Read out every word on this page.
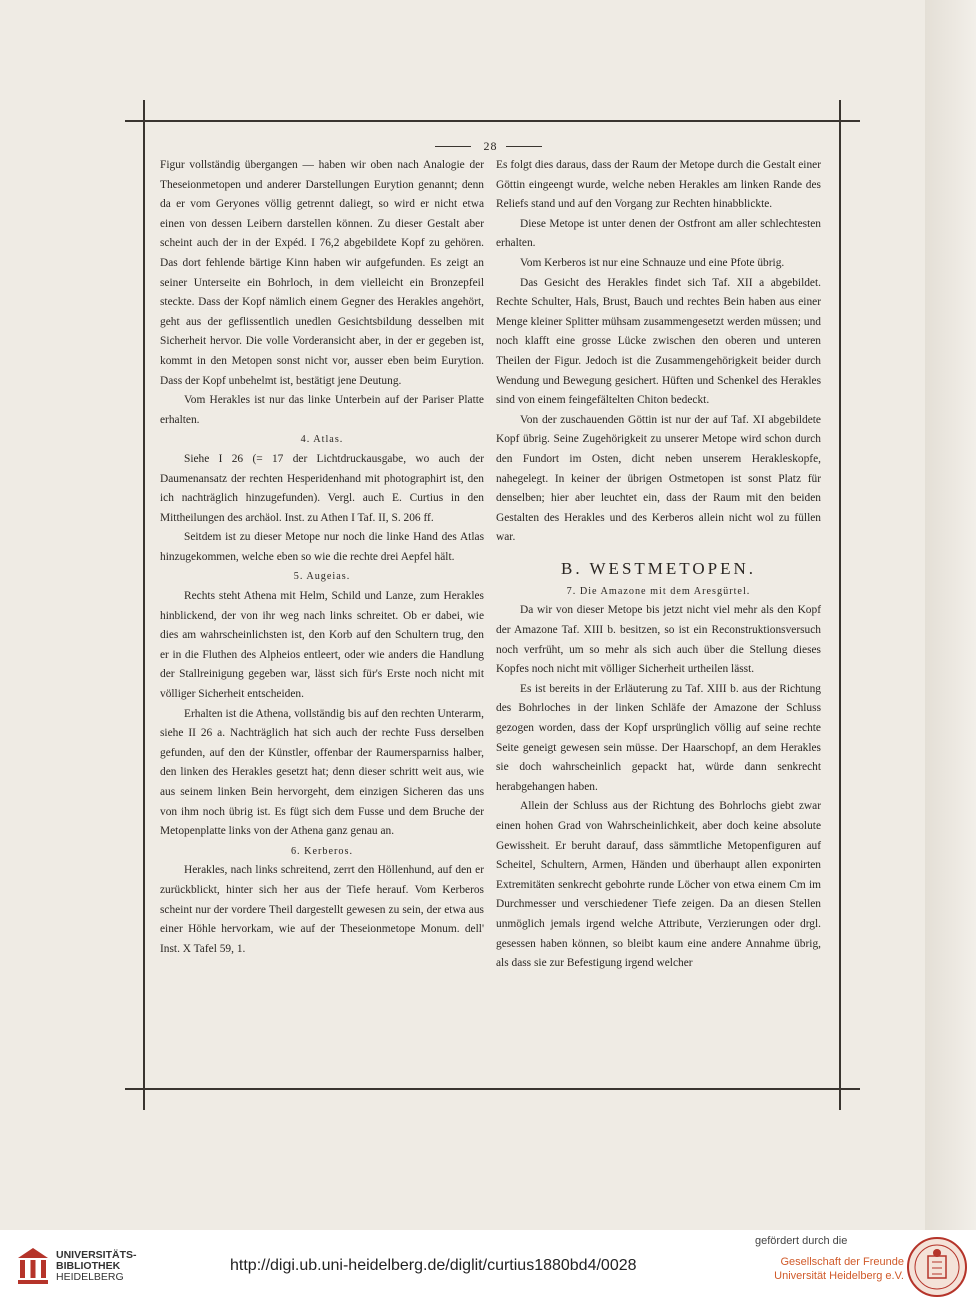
28

Figur vollständig übergangen — haben wir oben nach Analogie der Theseionmetopen und anderer Darstellungen Eurytion genannt; denn da er vom Geryones völlig getrennt daliegt, so wird er nicht etwa einen von dessen Leibern darstellen können. Zu dieser Gestalt aber scheint auch der in der Expéd. I 76,2 abgebildete Kopf zu gehören. Das dort fehlende bärtige Kinn haben wir aufgefunden. Es zeigt an seiner Unterseite ein Bohrloch, in dem vielleicht ein Bronzepfeil steckte. Dass der Kopf nämlich einem Gegner des Herakles angehört, geht aus der geflissentlich unedlen Gesichtsbildung desselben mit Sicherheit hervor. Die volle Vorderansicht aber, in der er gegeben ist, kommt in den Metopen sonst nicht vor, ausser eben beim Eurytion. Dass der Kopf unbehelmt ist, bestätigt jene Deutung.

Vom Herakles ist nur das linke Unterbein auf der Pariser Platte erhalten.

4. Atlas.

Siehe I 26 (= 17 der Lichtdruckausgabe, wo auch der Daumenansatz der rechten Hesperidenhand mit photographirt ist, den ich nachträglich hinzugefunden). Vergl. auch E. Curtius in den Mittheilungen des archäol. Inst. zu Athen I Taf. II, S. 206 ff.

Seitdem ist zu dieser Metope nur noch die linke Hand des Atlas hinzugekommen, welche eben so wie die rechte drei Aepfel hält.

5. Augeias.

Rechts steht Athena mit Helm, Schild und Lanze, zum Herakles hinblickend, der von ihr weg nach links schreitet. Ob er dabei, wie dies am wahrscheinlichsten ist, den Korb auf den Schultern trug, den er in die Fluthen des Alpheios entleert, oder wie anders die Handlung der Stallreinigung gegeben war, lässt sich für's Erste noch nicht mit völliger Sicherheit entscheiden.

Erhalten ist die Athena, vollständig bis auf den rechten Unterarm, siehe II 26 a. Nachträglich hat sich auch der rechte Fuss derselben gefunden, auf den der Künstler, offenbar der Raumersparniss halber, den linken des Herakles gesetzt hat; denn dieser schritt weit aus, wie aus seinem linken Bein hervorgeht, dem einzigen Sicheren das uns von ihm noch übrig ist. Es fügt sich dem Fusse und dem Bruche der Metopenplatte links von der Athena ganz genau an.

6. Kerberos.

Herakles, nach links schreitend, zerrt den Höllenhund, auf den er zurückblickt, hinter sich her aus der Tiefe herauf. Vom Kerberos scheint nur der vordere Theil dargestellt gewesen zu sein, der etwa aus einer Höhle hervorkam, wie auf der Theseionmetope Monum. dell' Inst. X Tafel 59, 1.

Es folgt dies daraus, dass der Raum der Metope durch die Gestalt einer Göttin eingeengt wurde, welche neben Herakles am linken Rande des Reliefs stand und auf den Vorgang zur Rechten hinabblickte.

Diese Metope ist unter denen der Ostfront am aller schlechtesten erhalten.

Vom Kerberos ist nur eine Schnauze und eine Pfote übrig.

Das Gesicht des Herakles findet sich Taf. XII a abgebildet. Rechte Schulter, Hals, Brust, Bauch und rechtes Bein haben aus einer Menge kleiner Splitter mühsam zusammengesetzt werden müssen; und noch klafft eine grosse Lücke zwischen den oberen und unteren Theilen der Figur. Jedoch ist die Zusammengehörigkeit beider durch Wendung und Bewegung gesichert. Hüften und Schenkel des Herakles sind von einem feingefältelten Chiton bedeckt.

Von der zuschauenden Göttin ist nur der auf Taf. XI abgebildete Kopf übrig. Seine Zugehörigkeit zu unserer Metope wird schon durch den Fundort im Osten, dicht neben unserem Herakleskopfe, nahegelegt. In keiner der übrigen Ostmetopen ist sonst Platz für denselben; hier aber leuchtet ein, dass der Raum mit den beiden Gestalten des Herakles und des Kerberos allein nicht wol zu füllen war.

B. WESTMETOPEN.

7. Die Amazone mit dem Aresgürtel.

Da wir von dieser Metope bis jetzt nicht viel mehr als den Kopf der Amazone Taf. XIII b. besitzen, so ist ein Reconstruktionsversuch noch verfrüht, um so mehr als sich auch über die Stellung dieses Kopfes noch nicht mit völliger Sicherheit urtheilen lässt.

Es ist bereits in der Erläuterung zu Taf. XIII b. aus der Richtung des Bohrloches in der linken Schläfe der Amazone der Schluss gezogen worden, dass der Kopf ursprünglich völlig auf seine rechte Seite geneigt gewesen sein müsse. Der Haarschopf, an dem Herakles sie doch wahrscheinlich gepackt hat, würde dann senkrecht herabgehangen haben.

Allein der Schluss aus der Richtung des Bohrlochs giebt zwar einen hohen Grad von Wahrscheinlichkeit, aber doch keine absolute Gewissheit. Er beruht darauf, dass sämmtliche Metopenfiguren auf Scheitel, Schultern, Armen, Händen und überhaupt allen exponirten Extremitäten senkrecht gebohrte runde Löcher von etwa einem Cm im Durchmesser und verschiedener Tiefe zeigen. Da an diesen Stellen unmöglich jemals irgend welche Attribute, Verzierungen oder drgl. gesessen haben können, so bleibt kaum eine andere Annahme übrig, als dass sie zur Befestigung irgend welcher

UNIVERSITÄTS-
BIBLIOTHEK
HEIDELBERG
http://digi.ub.uni-heidelberg.de/diglit/curtius1880bd4/0028
gefördert durch die
Gesellschaft der Freunde
Universität Heidelberg e.V.
